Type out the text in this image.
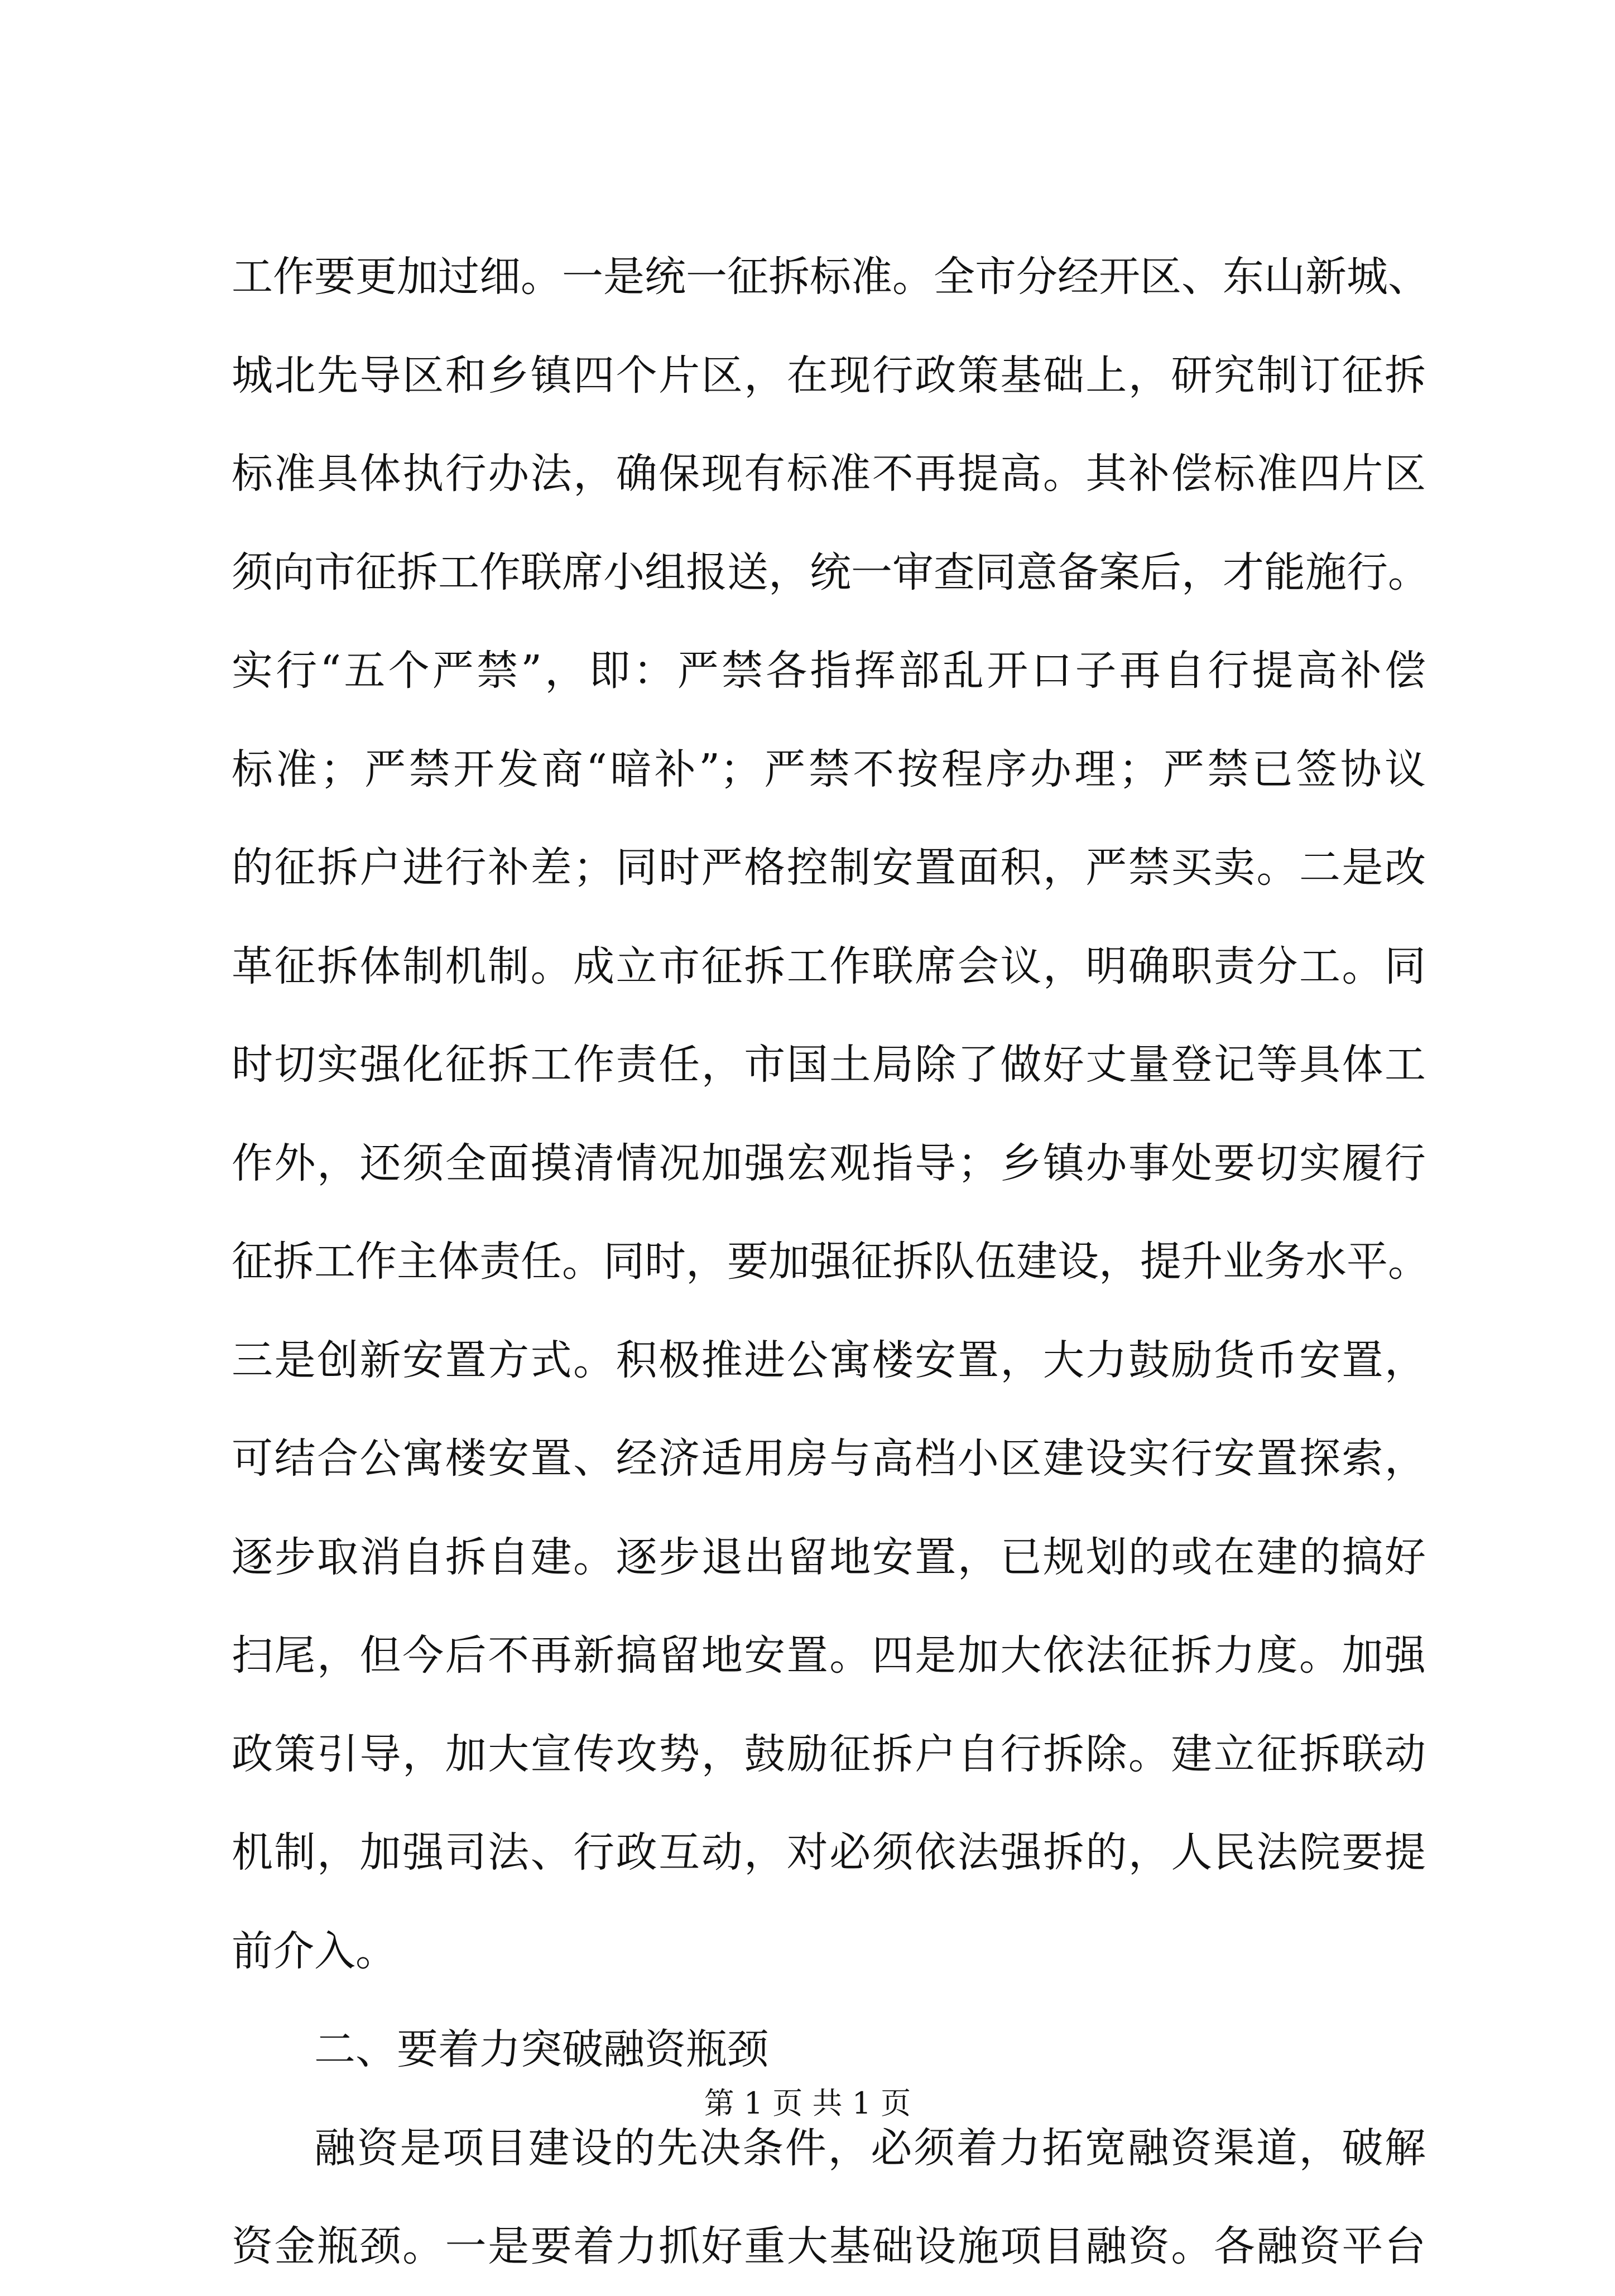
工作要更加过细。一是统一征拆标准。全市分经开区、东山新城、
城北先导区和乡镇四个片区，在现行政策基础上，研究制订征拆
标准具体执行办法，确保现有标准不再提高。其补偿标准四片区
须向市征拆工作联席小组报送，统一审查同意备案后，才能施行。
实行“五个严禁”，即：严禁各指挥部乱开口子再自行提高补偿
标准；严禁开发商“暗补”；严禁不按程序办理；严禁已签协议
的征拆户进行补差；同时严格控制安置面积，严禁买卖。二是改
革征拆体制机制。成立市征拆工作联席会议，明确职责分工。同
时切实强化征拆工作责任，市国土局除了做好丈量登记等具体工
作外，还须全面摸清情况加强宏观指导；乡镇办事处要切实履行
征拆工作主体责任。同时，要加强征拆队伍建设，提升业务水平。
三是创新安置方式。积极推进公寓楼安置，大力鼓励货币安置，
可结合公寓楼安置、经济适用房与高档小区建设实行安置探索，
逐步取消自拆自建。逐步退出留地安置，已规划的或在建的搞好
扫尾，但今后不再新搞留地安置。四是加大依法征拆力度。加强
政策引导，加大宣传攻势，鼓励征拆户自行拆除。建立征拆联动
机制，加强司法、行政互动，对必须依法强拆的，人民法院要提
前介入。
二、要着力突破融资瓶颈
融资是项目建设的先决条件，必须着力拓宽融资渠道，破解
资金瓶颈。一是要着力抓好重大基础设施项目融资。各融资平台
第 1 页 共 1 页
